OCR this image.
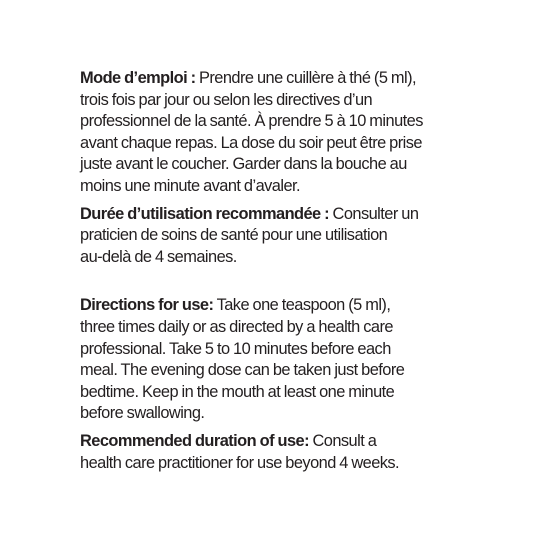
Mode d’emploi : Prendre une cuillère à thé (5 ml),
trois fois par jour ou selon les directives d’un
professionnel de la santé. À prendre 5 à 10 minutes
avant chaque repas. La dose du soir peut être prise
juste avant le coucher. Garder dans la bouche au
moins une minute avant d’avaler.

Durée d’utilisation recommandée : Consulter un
praticien de soins de santé pour une utilisation
au-delà de 4 semaines.

Directions for use: Take one teaspoon (5 ml),
three times daily or as directed by a health care
professional. Take 5 to 10 minutes before each
meal. The evening dose can be taken just before
bedtime. Keep in the mouth at least one minute
before swallowing.

Recommended duration of use: Consult a
health care practitioner for use beyond 4 weeks.
